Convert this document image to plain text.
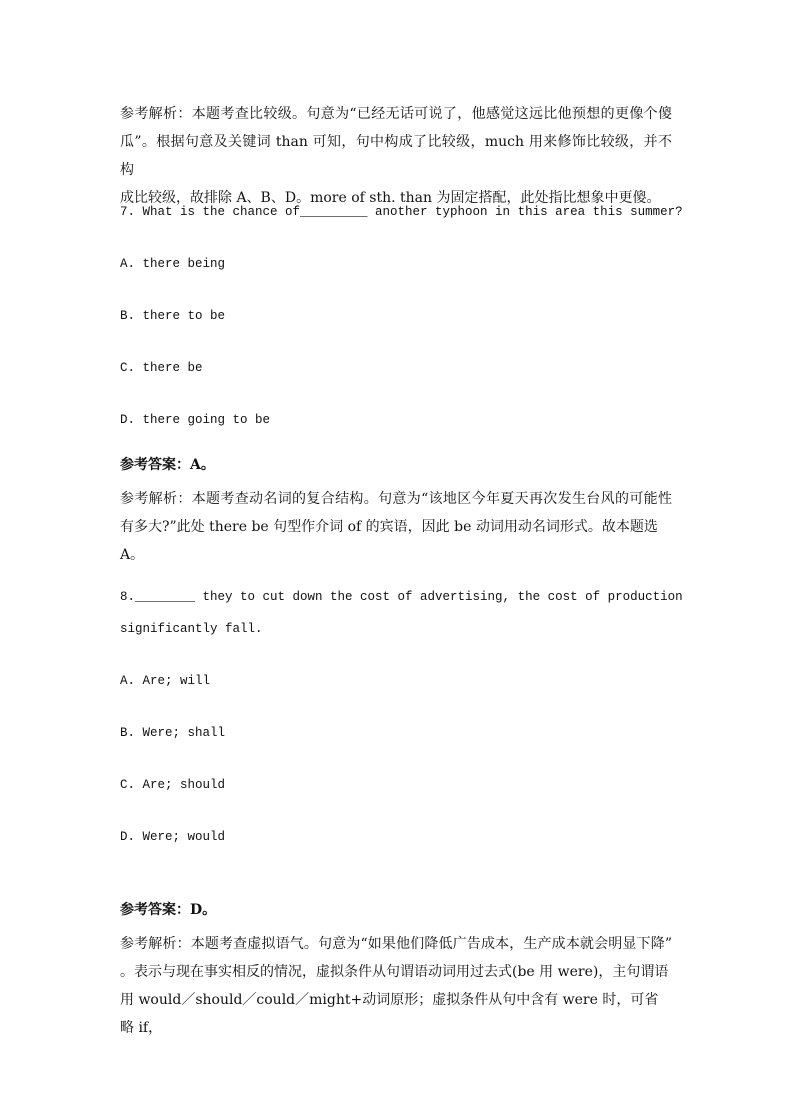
参考解析：本题考查比较级。句意为“已经无话可说了，他感觉这远比他预想的更像个傻

瓜”。根据句意及关键词 than 可知，句中构成了比较级，much 用来修饰比较级，并不构

成比较级，故排除 A、B、D。more of sth. than 为固定搭配，此处指比想象中更傻。

7. What is the chance of_________ another typhoon in this area this summer?

A. there being

B. there to be

C. there be

D. there going to be

参考答案：A。

参考解析：本题考查动名词的复合结构。句意为“该地区今年夏天再次发生台风的可能性

有多大?”此处 there be 句型作介词 of 的宾语，因此 be 动词用动名词形式。故本题选

A。

8.________ they to cut down the cost of advertising, the cost of production

significantly fall.

A. Are; will

B. Were; shall

C. Are; should

D. Were; would

参考答案：D。

参考解析：本题考查虚拟语气。句意为“如果他们降低广告成本，生产成本就会明显下降”

。表示与现在事实相反的情况，虚拟条件从句谓语动词用过去式(be 用 were)，主句谓语

用 would／should／could／might+动词原形；虚拟条件从句中含有 were 时，可省略 if，
